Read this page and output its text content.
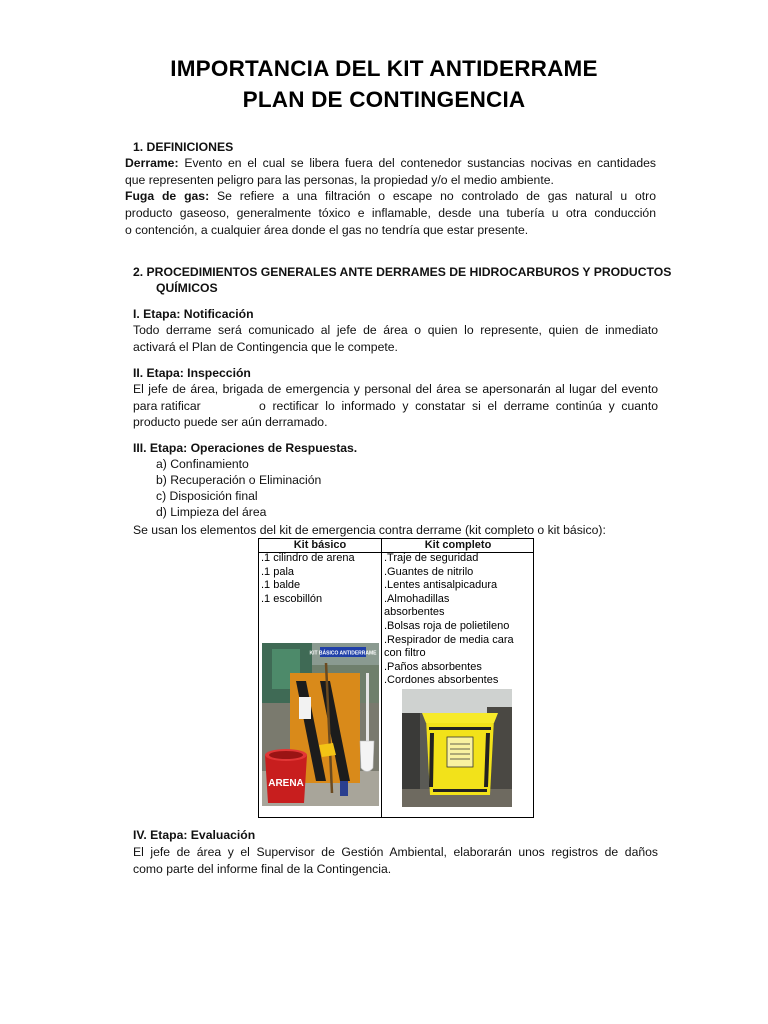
IMPORTANCIA DEL KIT ANTIDERRAME
PLAN DE CONTINGENCIA
1. DEFINICIONES
Derrame: Evento en el cual se libera fuera del contenedor sustancias nocivas en cantidades
que representen peligro para las personas, la propiedad y/o el medio ambiente.
Fuga de gas: Se refiere a una filtración o escape no controlado de gas natural u otro
producto gaseoso, generalmente tóxico e inflamable, desde una tubería u otra conducción
o contención, a cualquier área donde el gas no tendría que estar presente.
2. PROCEDIMIENTOS GENERALES ANTE DERRAMES DE HIDROCARBUROS Y PRODUCTOS
QUÍMICOS
I. Etapa: Notificación
Todo derrame será comunicado al jefe de área o quien lo represente, quien de inmediato
activará el Plan de Contingencia que le compete.
II. Etapa: Inspección
El jefe de área, brigada de emergencia y personal del área se apersonarán al lugar del evento
para ratificar	o rectificar lo informado y constatar si el derrame continúa y cuanto
producto puede ser aún derramado.
III. Etapa: Operaciones de Respuestas.
a) Confinamiento
b) Recuperación o Eliminación
c) Disposición final
d) Limpieza del área
Se usan los elementos del kit de emergencia contra derrame (kit completo o kit básico):
Kit básico	Kit completo
.1 cilindro de arena
.1 pala
.1 balde
.1 escobillón
.Traje de seguridad
.Guantes de nitrilo
.Lentes antisalpicadura
.Almohadillas
absorbentes
.Bolsas roja de polietileno
.Respirador de media cara
con filtro
.Paños absorbentes
.Cordones absorbentes
KIT BÁSICO ANTIDERRAME
ARENA
IV. Etapa: Evaluación
El jefe de área y el Supervisor de Gestión Ambiental, elaborarán unos registros de daños
como parte del informe final de la Contingencia.
